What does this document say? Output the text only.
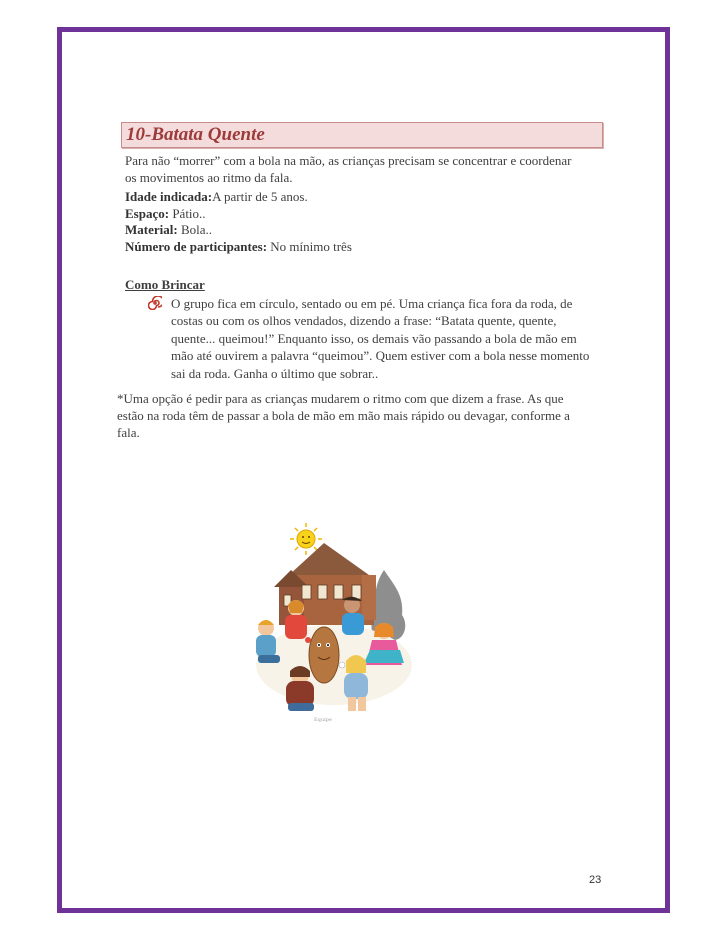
10-Batata Quente
Para não “morrer” com a bola na mão, as crianças precisam se concentrar e coordenar
os movimentos ao ritmo da fala.
Idade indicada:A partir de 5 anos.
Espaço: Pátio..
Material: Bola..
Número de participantes: No mínimo três
Como Brincar
O grupo fica em círculo, sentado ou em pé. Uma criança fica fora da roda, de
costas ou com os olhos vendados, dizendo a frase: “Batata quente, quente,
quente... queimou!” Enquanto isso, os demais vão passando a bola de mão em
mão até ouvirem a palavra “queimou”. Quem estiver com a bola nesse momento
sai da roda. Ganha o último que sobrar..
*Uma opção é pedir para as crianças mudarem o ritmo com que dizem a frase. As que
estão na roda têm de passar a bola de mão em mão mais rápido ou devagar, conforme a
fala.
Equipe
23
